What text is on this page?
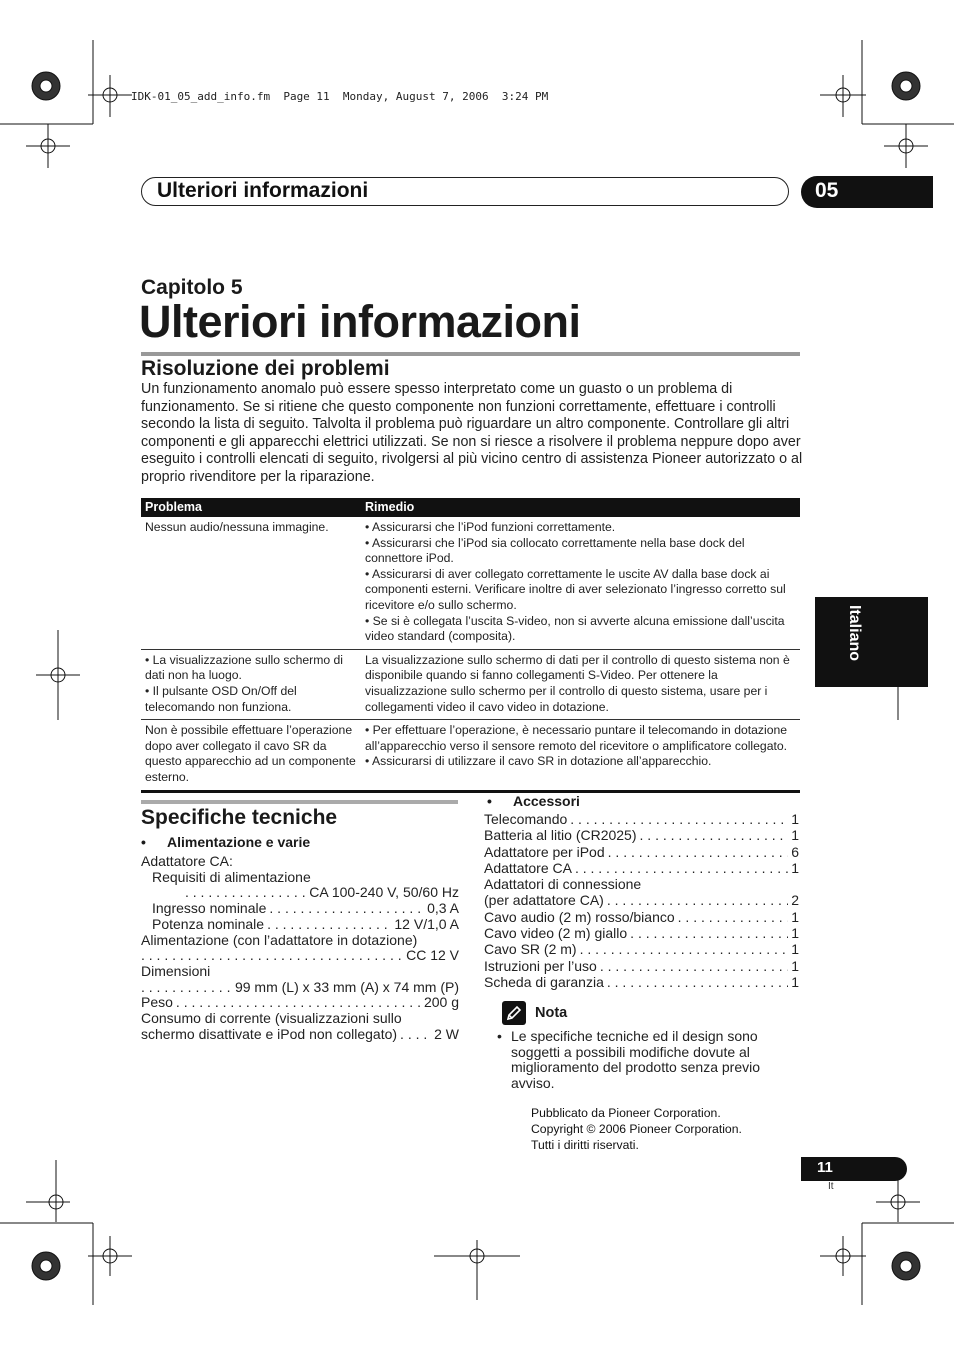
IDK-01_05_add_info.fm  Page 11  Monday, August 7, 2006  3:24 PM
Ulteriori informazioni	05
Capitolo 5
Ulteriori informazioni
Risoluzione dei problemi
Un funzionamento anomalo può essere spesso interpretato come un guasto o un problema di funzionamento. Se si ritiene che questo componente non funzioni correttamente, effettuare i controlli secondo la lista di seguito. Talvolta il problema può riguardare un altro componente. Controllare gli altri componenti e gli apparecchi elettrici utilizzati. Se non si riesce a risolvere il problema neppure dopo aver eseguito i controlli elencati di seguito, rivolgersi al più vicino centro di assistenza Pioneer autorizzato o al proprio rivenditore per la riparazione.
Problema	Rimedio

Nessun audio/nessuna immagine.	• Assicurarsi che l’iPod funzioni correttamente.
• Assicurarsi che l’iPod sia collocato correttamente nella base dock del connettore iPod.
• Assicurarsi di aver collegato correttamente le uscite AV dalla base dock ai componenti esterni. Verificare inoltre di aver selezionato l’ingresso corretto sul ricevitore e/o sullo schermo.
• Se si è collegata l’uscita S-video, non si avverte alcuna emissione dall’uscita video standard (composita).

• La visualizzazione sullo schermo di dati non ha luogo.
• Il pulsante OSD On/Off del telecomando non funziona.	La visualizzazione sullo schermo di dati per il controllo di questo sistema non è disponibile quando si fanno collegamenti S-Video. Per ottenere la visualizzazione sullo schermo per il controllo di questo sistema, usare per i collegamenti video il cavo video in dotazione.

Non è possibile effettuare l’operazione dopo aver collegato il cavo SR da questo apparecchio ad un componente esterno.	• Per effettuare l’operazione, è necessario puntare il telecomando in dotazione all’apparecchio verso il sensore remoto del ricevitore o amplificatore collegato.
• Assicurarsi di utilizzare il cavo SR in dotazione all’apparecchio.
Specifiche tecniche
•	Alimentazione e varie
Adattatore CA:
Requisiti di alimentazione
. . .
CA 100-240 V, 50/60 Hz
Ingresso nominale . . .	0,3 A
Potenza nominale . . .	12 V/1,0 A
Alimentazione (con l’adattatore in dotazione)
. . .
CC 12 V
Dimensioni
. . .
99 mm (L) x 33 mm (A) x 74 mm (P)
Peso . . .	200 g
Consumo di corrente (visualizzazioni sullo
schermo disattivate e iPod non collegato) . . .	2 W
•	Accessori
Telecomando . . .	1
Batteria al litio (CR2025) . . .	1
Adattatore per iPod . . .	6
Adattatore CA . . .	1
Adattatori di connessione
(per adattatore CA) . . .	2
Cavo audio (2 m) rosso/bianco . . .	1
Cavo video (2 m) giallo . . .	1
Cavo SR (2 m) . . .	1
Istruzioni per l’uso . . .	1
Scheda di garanzia . . .	1
Nota
• Le specifiche tecniche ed il design sono soggetti a possibili modifiche dovute al miglioramento del prodotto senza previo avviso.
Pubblicato da Pioneer Corporation.
Copyright © 2006 Pioneer Corporation.
Tutti i diritti riservati.
Italiano
11
It
